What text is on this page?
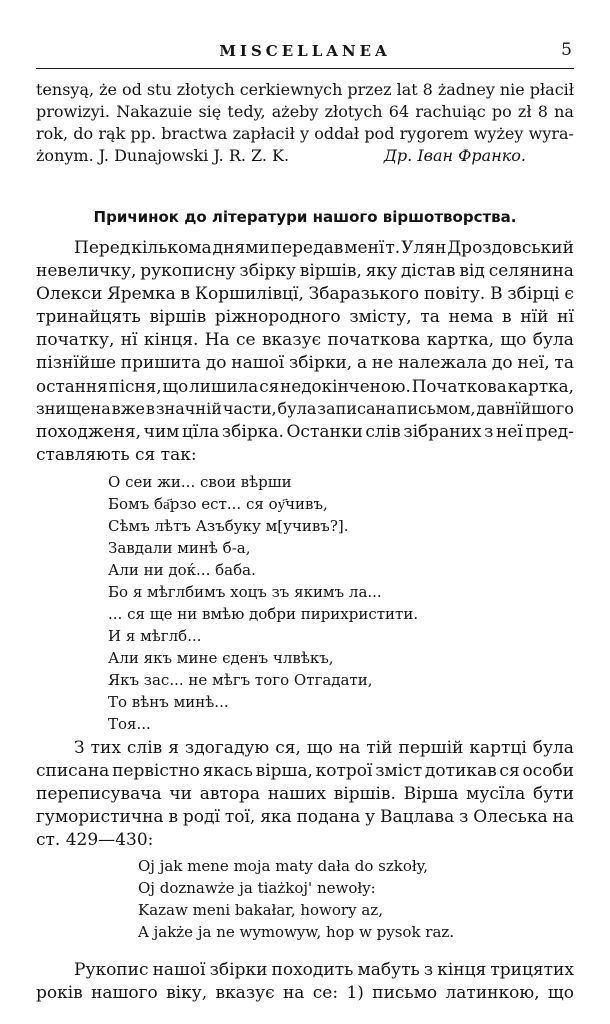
MISCELLANEA	5
tensyą, że od stu złotych cerkiewnych przez lat 8 żadney nie płacił
prowizyi. Nakazuie się tedy, ażeby złotych 64 rachuiąc po zł 8 na
rok, do rąk pp. bractwa zapłacił y oddał pod rygorem wyżey wyra-
żonym. J. Dunajowski J. R. Z. K.	Др. Іван Франко.
Причинок до літератури нашого віршотворства.
Перед кількома днями передав менї т. Улян Дроздовський
невеличку, рукописну збірку віршів, яку дістав від селянина
Олекси Яремка в Коршилівцї, Збаразького повіту. В збірці є
тринайцять віршів ріжнородного змісту, та нема в нїй нї
початку, нї кінця. На се вказує початкова картка, що була
пізнїйше пришита до нашої збірки, а не належала до неї, та
остання пісня, що лишила ся недокінченою. Початкова картка,
знищена вже в значній части, була записана письмом, давнїйшого
походженя, чим цїла збірка. Останки слів зібраних з неї пред-
ставляють ся так:
О сеи жи... свои вѣрши
Бомъ ба҃рзо ест... ся оу҃чивъ,
Сѣмъ лѣтъ Азъбуку м[учивъ?].
Завдали минѣ б-а,
Али ни доќ... баба.
Бо я мѣглбимъ хоцъ зъ якимъ ла...
... ся ще ни вмѣю добри пирихристити.
И я мѣглб...
Али якъ мине єденъ члвѣкъ,
Якъ зас... не мѣгъ того Отгадати,
То вѣнъ минѣ...
Тоя...
З тих слів я здогадую ся, що на тій першій картці була
списана первістно якась вірша, котрої зміст дотикав ся особи
переписувача чи автора наших віршів. Вірша мусїла бути
гумористична в родї тої, яка подана у Вацлава з Олеська на
ст. 429—430:
Oj jak mene moja maty dała do szkoły,
Oj doznawże ja tiażkoj' newoły:
Kazaw meni bakałar, howory az,
A jakże ja ne wymowyw, hop w pysok raz.
Рукопис нашої збірки походить мабуть з кінця трицятих
років нашого віку, вказує на се: 1) письмо латинкою, що
